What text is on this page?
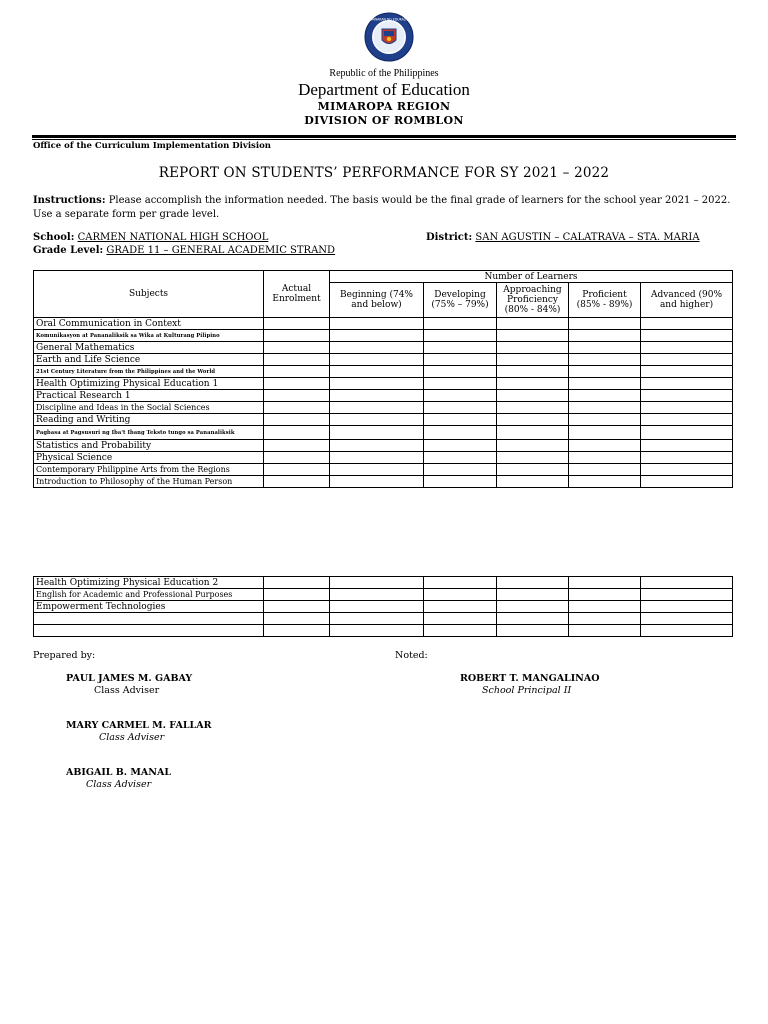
KAGAWARAN NG EDUKASYON
Republic of the Philippines
Department of Education
MIMAROPA REGION
DIVISION OF ROMBLON
Office of the Curriculum Implementation Division
REPORT ON STUDENTS’ PERFORMANCE FOR SY 2021 – 2022
Instructions: Please accomplish the information needed. The basis would be the final grade of learners for the school year 2021 – 2022. Use a separate form per grade level.
School: CARMEN NATIONAL HIGH SCHOOL	District: SAN AGUSTIN – CALATRAVA – STA. MARIA
Grade Level: GRADE 11 – GENERAL ACADEMIC STRAND
Subjects	Actual Enrolment	Number of Learners				
		Beginning (74% and below)	Developing (75% – 79%)	Approaching Proficiency (80% - 84%)	Proficient (85% - 89%)	Advanced (90% and higher)
Oral Communication in Context						
Komunikasyon at Pananaliksik sa Wika at Kulturang Pilipino						
General Mathematics						
Earth and Life Science						
21st Century Literature from the Philippines and the World						
Health Optimizing Physical Education 1						
Practical Research 1						
Discipline and Ideas in the Social Sciences						
Reading and Writing						
Pagbasa at Pagsusuri ng Iba't Ibang Teksto tungo sa Pananaliksik						
Statistics and Probability						
Physical Science						
Contemporary Philippine Arts from the Regions						
Introduction to Philosophy of the Human Person						
Health Optimizing Physical Education 2						
English for Academic and Professional Purposes						
Empowerment Technologies						

Prepared by:	Noted:
PAUL JAMES M. GABAY
Class Adviser
MARY CARMEL M. FALLAR
Class Adviser
ABIGAIL B. MANAL
Class Adviser
ROBERT T. MANGALINAO
School Principal II
